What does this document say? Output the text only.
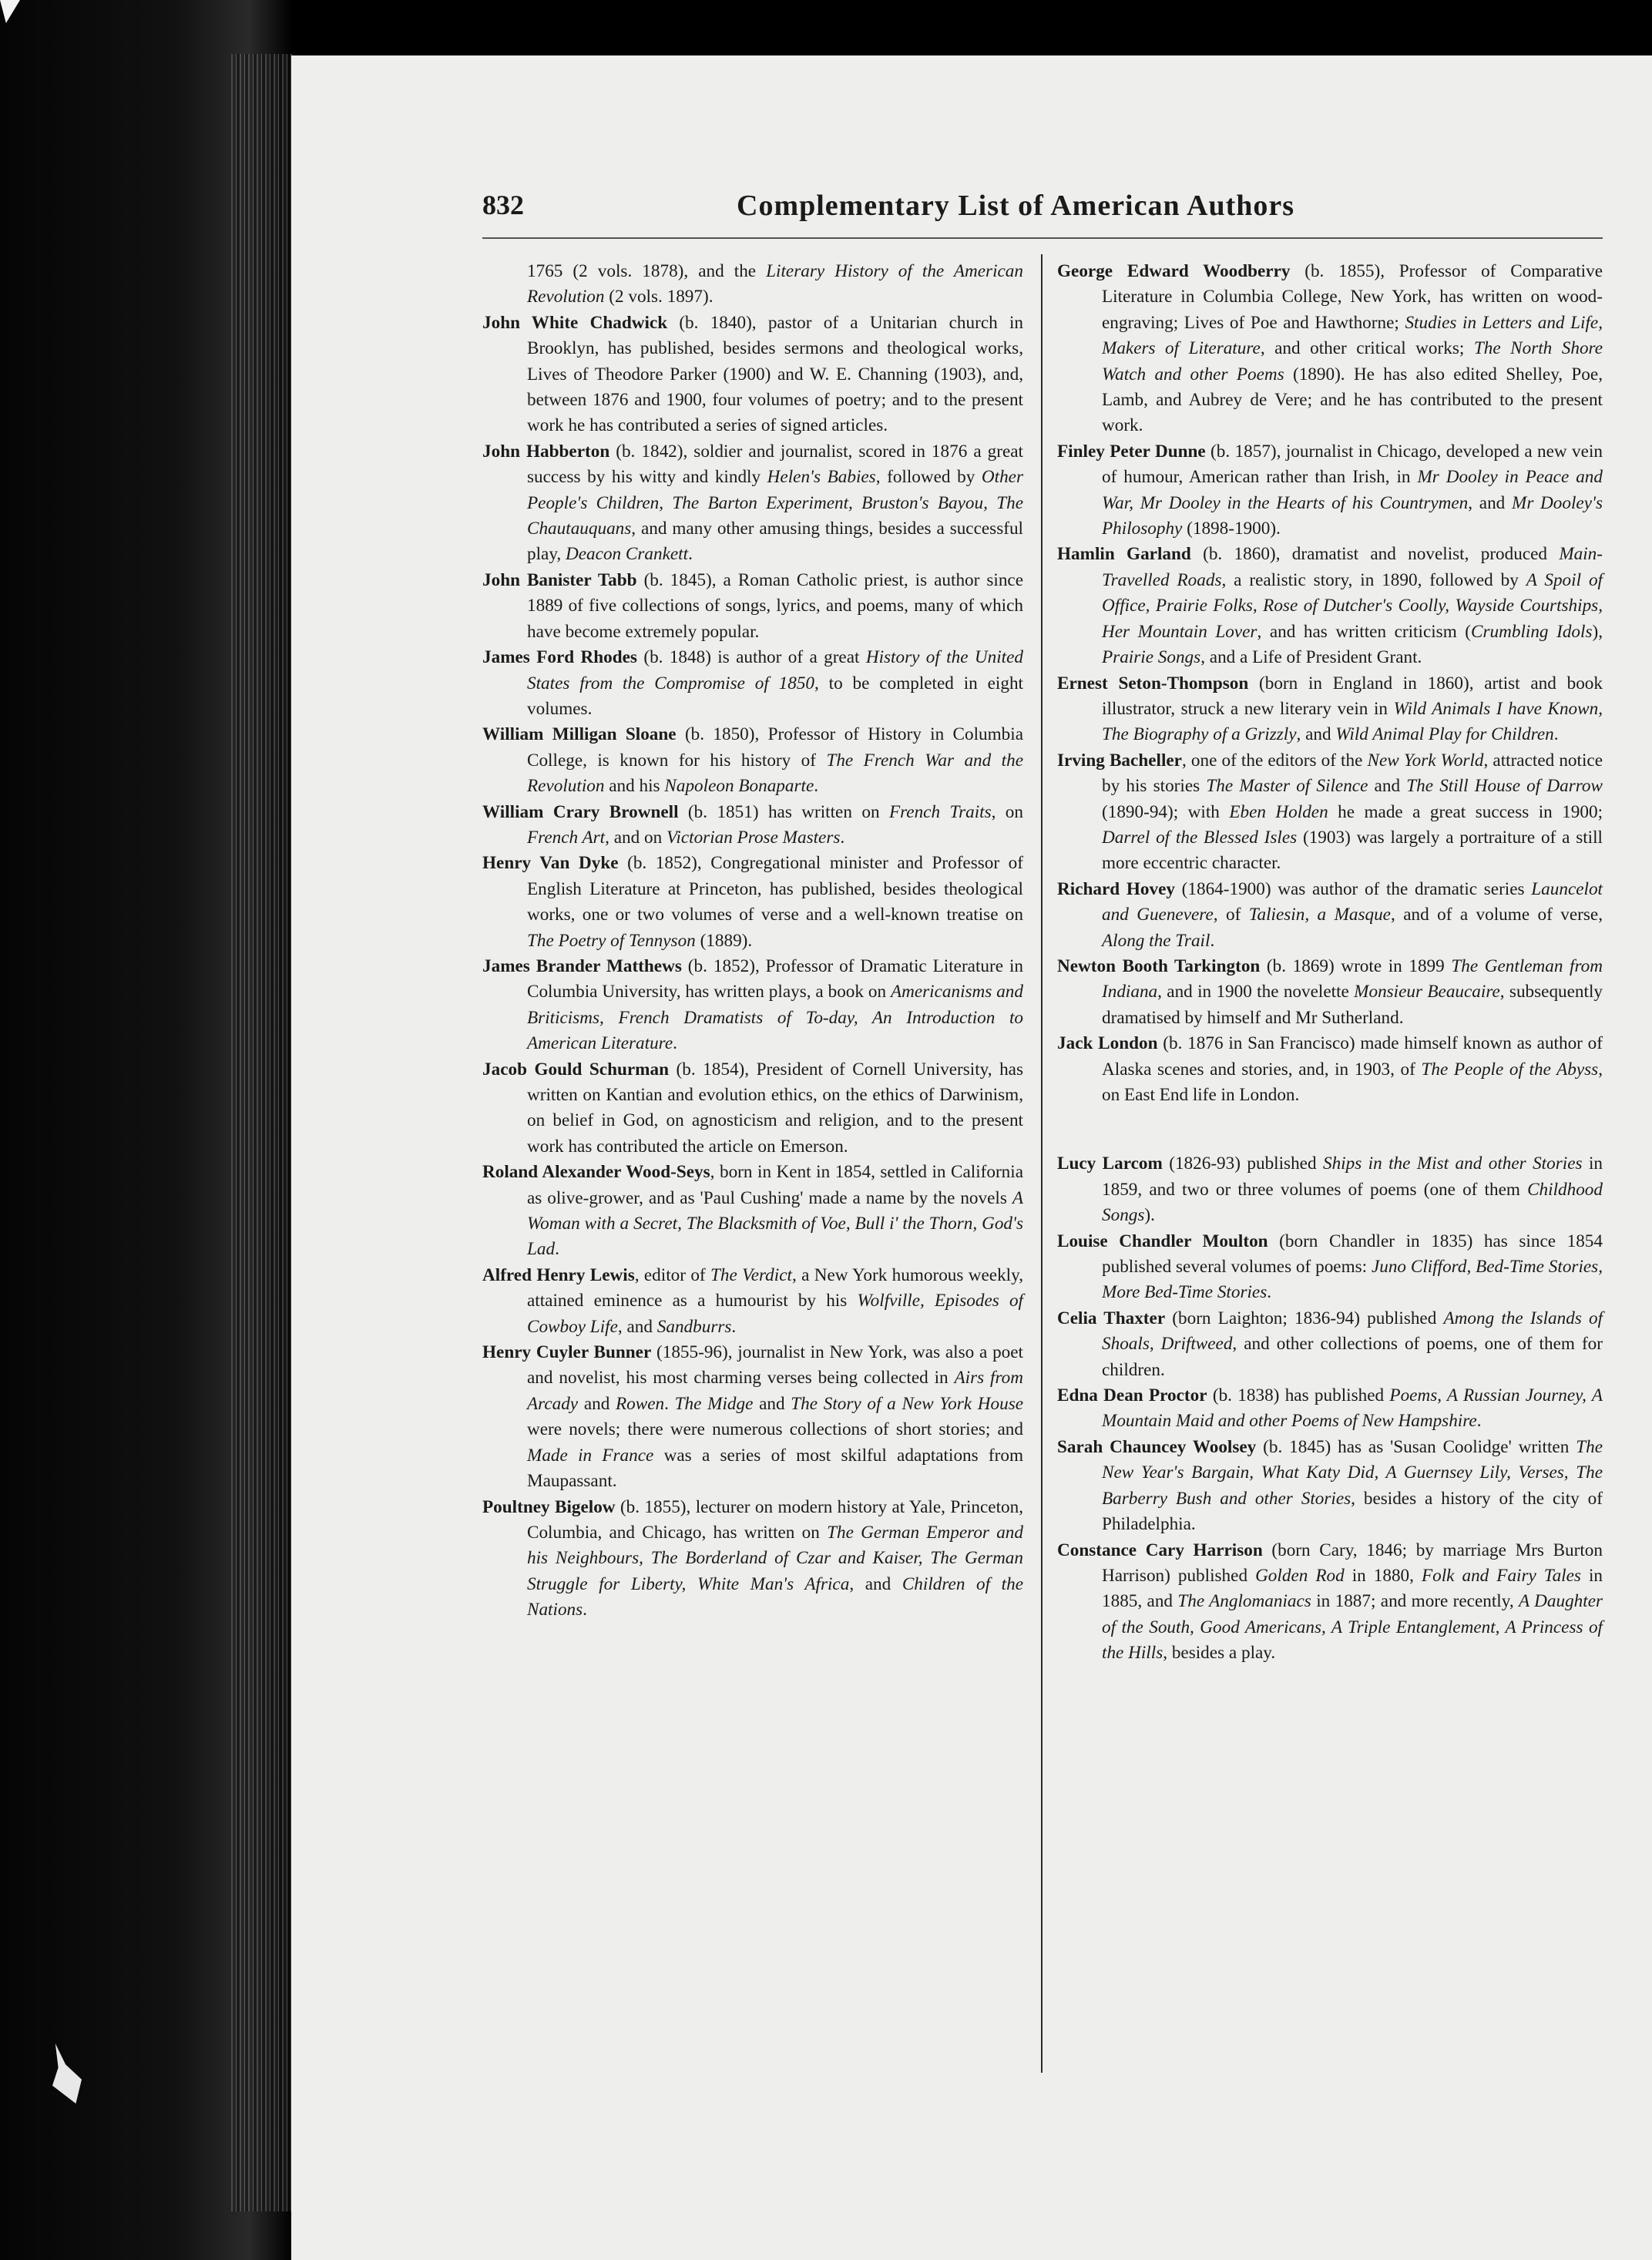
832	Complementary List of American Authors
1765 (2 vols. 1878), and the Literary History of the American Revolution (2 vols. 1897).
John White Chadwick (b. 1840), pastor of a Unitarian church in Brooklyn, has published, besides sermons and theological works, Lives of Theodore Parker (1900) and W. E. Channing (1903), and, between 1876 and 1900, four volumes of poetry; and to the present work he has contributed a series of signed articles.
John Habberton (b. 1842), soldier and journalist, scored in 1876 a great success by his witty and kindly Helen's Babies, followed by Other People's Children, The Barton Experiment, Bruston's Bayou, The Chautauquans, and many other amusing things, besides a successful play, Deacon Crankett.
John Banister Tabb (b. 1845), a Roman Catholic priest, is author since 1889 of five collections of songs, lyrics, and poems, many of which have become extremely popular.
James Ford Rhodes (b. 1848) is author of a great History of the United States from the Compromise of 1850, to be completed in eight volumes.
William Milligan Sloane (b. 1850), Professor of History in Columbia College, is known for his history of The French War and the Revolution and his Napoleon Bonaparte.
William Crary Brownell (b. 1851) has written on French Traits, on French Art, and on Victorian Prose Masters.
Henry Van Dyke (b. 1852), Congregational minister and Professor of English Literature at Princeton, has published, besides theological works, one or two volumes of verse and a well-known treatise on The Poetry of Tennyson (1889).
James Brander Matthews (b. 1852), Professor of Dramatic Literature in Columbia University, has written plays, a book on Americanisms and Briticisms, French Dramatists of To-day, An Introduction to American Literature.
Jacob Gould Schurman (b. 1854), President of Cornell University, has written on Kantian and evolution ethics, on the ethics of Darwinism, on belief in God, on agnosticism and religion, and to the present work has contributed the article on Emerson.
Roland Alexander Wood-Seys, born in Kent in 1854, settled in California as olive-grower, and as 'Paul Cushing' made a name by the novels A Woman with a Secret, The Blacksmith of Voe, Bull i' the Thorn, God's Lad.
Alfred Henry Lewis, editor of The Verdict, a New York humorous weekly, attained eminence as a humourist by his Wolfville, Episodes of Cowboy Life, and Sandburrs.
Henry Cuyler Bunner (1855-96), journalist in New York, was also a poet and novelist, his most charming verses being collected in Airs from Arcady and Rowen. The Midge and The Story of a New York House were novels; there were numerous collections of short stories; and Made in France was a series of most skilful adaptations from Maupassant.
Poultney Bigelow (b. 1855), lecturer on modern history at Yale, Princeton, Columbia, and Chicago, has written on The German Emperor and his Neighbours, The Borderland of Czar and Kaiser, The German Struggle for Liberty, White Man's Africa, and Children of the Nations.
George Edward Woodberry (b. 1855), Professor of Comparative Literature in Columbia College, New York, has written on wood-engraving; Lives of Poe and Hawthorne; Studies in Letters and Life, Makers of Literature, and other critical works; The North Shore Watch and other Poems (1890). He has also edited Shelley, Poe, Lamb, and Aubrey de Vere; and he has contributed to the present work.
Finley Peter Dunne (b. 1857), journalist in Chicago, developed a new vein of humour, American rather than Irish, in Mr Dooley in Peace and War, Mr Dooley in the Hearts of his Countrymen, and Mr Dooley's Philosophy (1898-1900).
Hamlin Garland (b. 1860), dramatist and novelist, produced Main-Travelled Roads, a realistic story, in 1890, followed by A Spoil of Office, Prairie Folks, Rose of Dutcher's Coolly, Wayside Courtships, Her Mountain Lover, and has written criticism (Crumbling Idols), Prairie Songs, and a Life of President Grant.
Ernest Seton-Thompson (born in England in 1860), artist and book illustrator, struck a new literary vein in Wild Animals I have Known, The Biography of a Grizzly, and Wild Animal Play for Children.
Irving Bacheller, one of the editors of the New York World, attracted notice by his stories The Master of Silence and The Still House of Darrow (1890-94); with Eben Holden he made a great success in 1900; Darrel of the Blessed Isles (1903) was largely a portraiture of a still more eccentric character.
Richard Hovey (1864-1900) was author of the dramatic series Launcelot and Guenevere, of Taliesin, a Masque, and of a volume of verse, Along the Trail.
Newton Booth Tarkington (b. 1869) wrote in 1899 The Gentleman from Indiana, and in 1900 the novelette Monsieur Beaucaire, subsequently dramatised by himself and Mr Sutherland.
Jack London (b. 1876 in San Francisco) made himself known as author of Alaska scenes and stories, and, in 1903, of The People of the Abyss, on East End life in London.
Lucy Larcom (1826-93) published Ships in the Mist and other Stories in 1859, and two or three volumes of poems (one of them Childhood Songs).
Louise Chandler Moulton (born Chandler in 1835) has since 1854 published several volumes of poems: Juno Clifford, Bed-Time Stories, More Bed-Time Stories.
Celia Thaxter (born Laighton; 1836-94) published Among the Islands of Shoals, Driftweed, and other collections of poems, one of them for children.
Edna Dean Proctor (b. 1838) has published Poems, A Russian Journey, A Mountain Maid and other Poems of New Hampshire.
Sarah Chauncey Woolsey (b. 1845) has as 'Susan Coolidge' written The New Year's Bargain, What Katy Did, A Guernsey Lily, Verses, The Barberry Bush and other Stories, besides a history of the city of Philadelphia.
Constance Cary Harrison (born Cary, 1846; by marriage Mrs Burton Harrison) published Golden Rod in 1880, Folk and Fairy Tales in 1885, and The Anglomaniacs in 1887; and more recently, A Daughter of the South, Good Americans, A Triple Entanglement, A Princess of the Hills, besides a play.
